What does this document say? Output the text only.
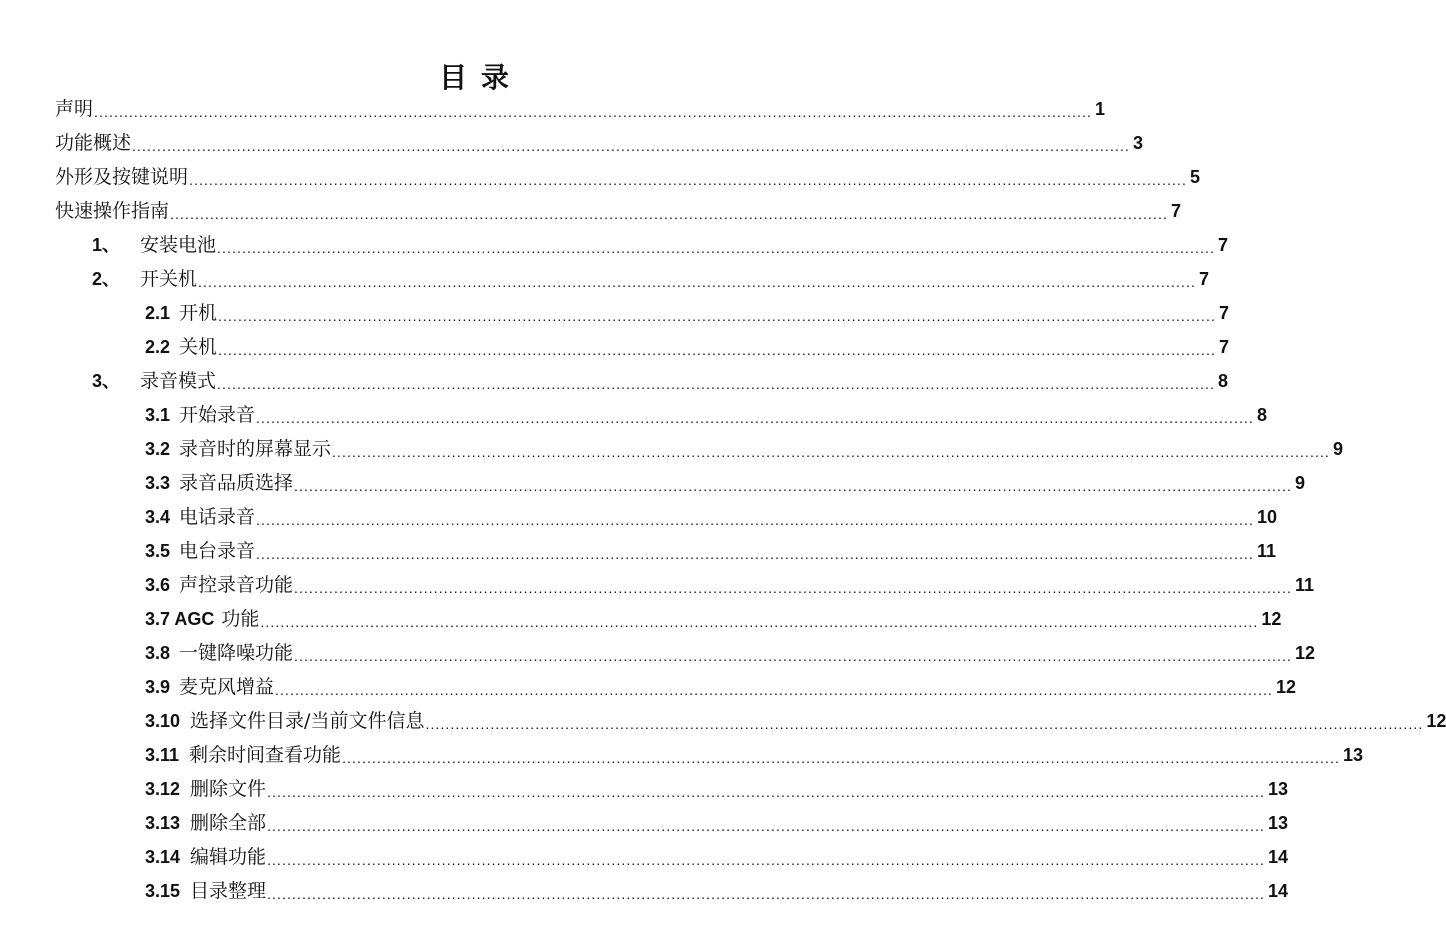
目 录
声明 ........................................................................................................................................................................................................ 1
功能概述 ........................................................................................................................................................................................................ 3
外形及按键说明 ........................................................................................................................................................................................................ 5
快速操作指南 ........................................................................................................................................................................................................ 7
1、	安装电池 ........................................................................................................................................................................................................ 7
2、	开关机 ........................................................................................................................................................................................................ 7
2.1 开机 ........................................................................................................................................................................................................ 7
2.2 关机 ........................................................................................................................................................................................................ 7
3、	录音模式 ........................................................................................................................................................................................................ 8
3.1 开始录音 ........................................................................................................................................................................................................ 8
3.2 录音时的屏幕显示 ........................................................................................................................................................................................................ 9
3.3 录音品质选择 ........................................................................................................................................................................................................ 9
3.4 电话录音 ........................................................................................................................................................................................................ 10
3.5 电台录音 ........................................................................................................................................................................................................ 11
3.6 声控录音功能 ........................................................................................................................................................................................................ 11
3.7 AGC 功能 ........................................................................................................................................................................................................ 12
3.8 一键降噪功能 ........................................................................................................................................................................................................ 12
3.9 麦克风增益 ........................................................................................................................................................................................................ 12
3.10 选择文件目录/当前文件信息 ........................................................................................................................................................................................................ 12
3.11 剩余时间查看功能 ........................................................................................................................................................................................................ 13
3.12 删除文件 ........................................................................................................................................................................................................ 13
3.13 删除全部 ........................................................................................................................................................................................................ 13
3.14 编辑功能 ........................................................................................................................................................................................................ 14
3.15 目录整理 ........................................................................................................................................................................................................ 14
